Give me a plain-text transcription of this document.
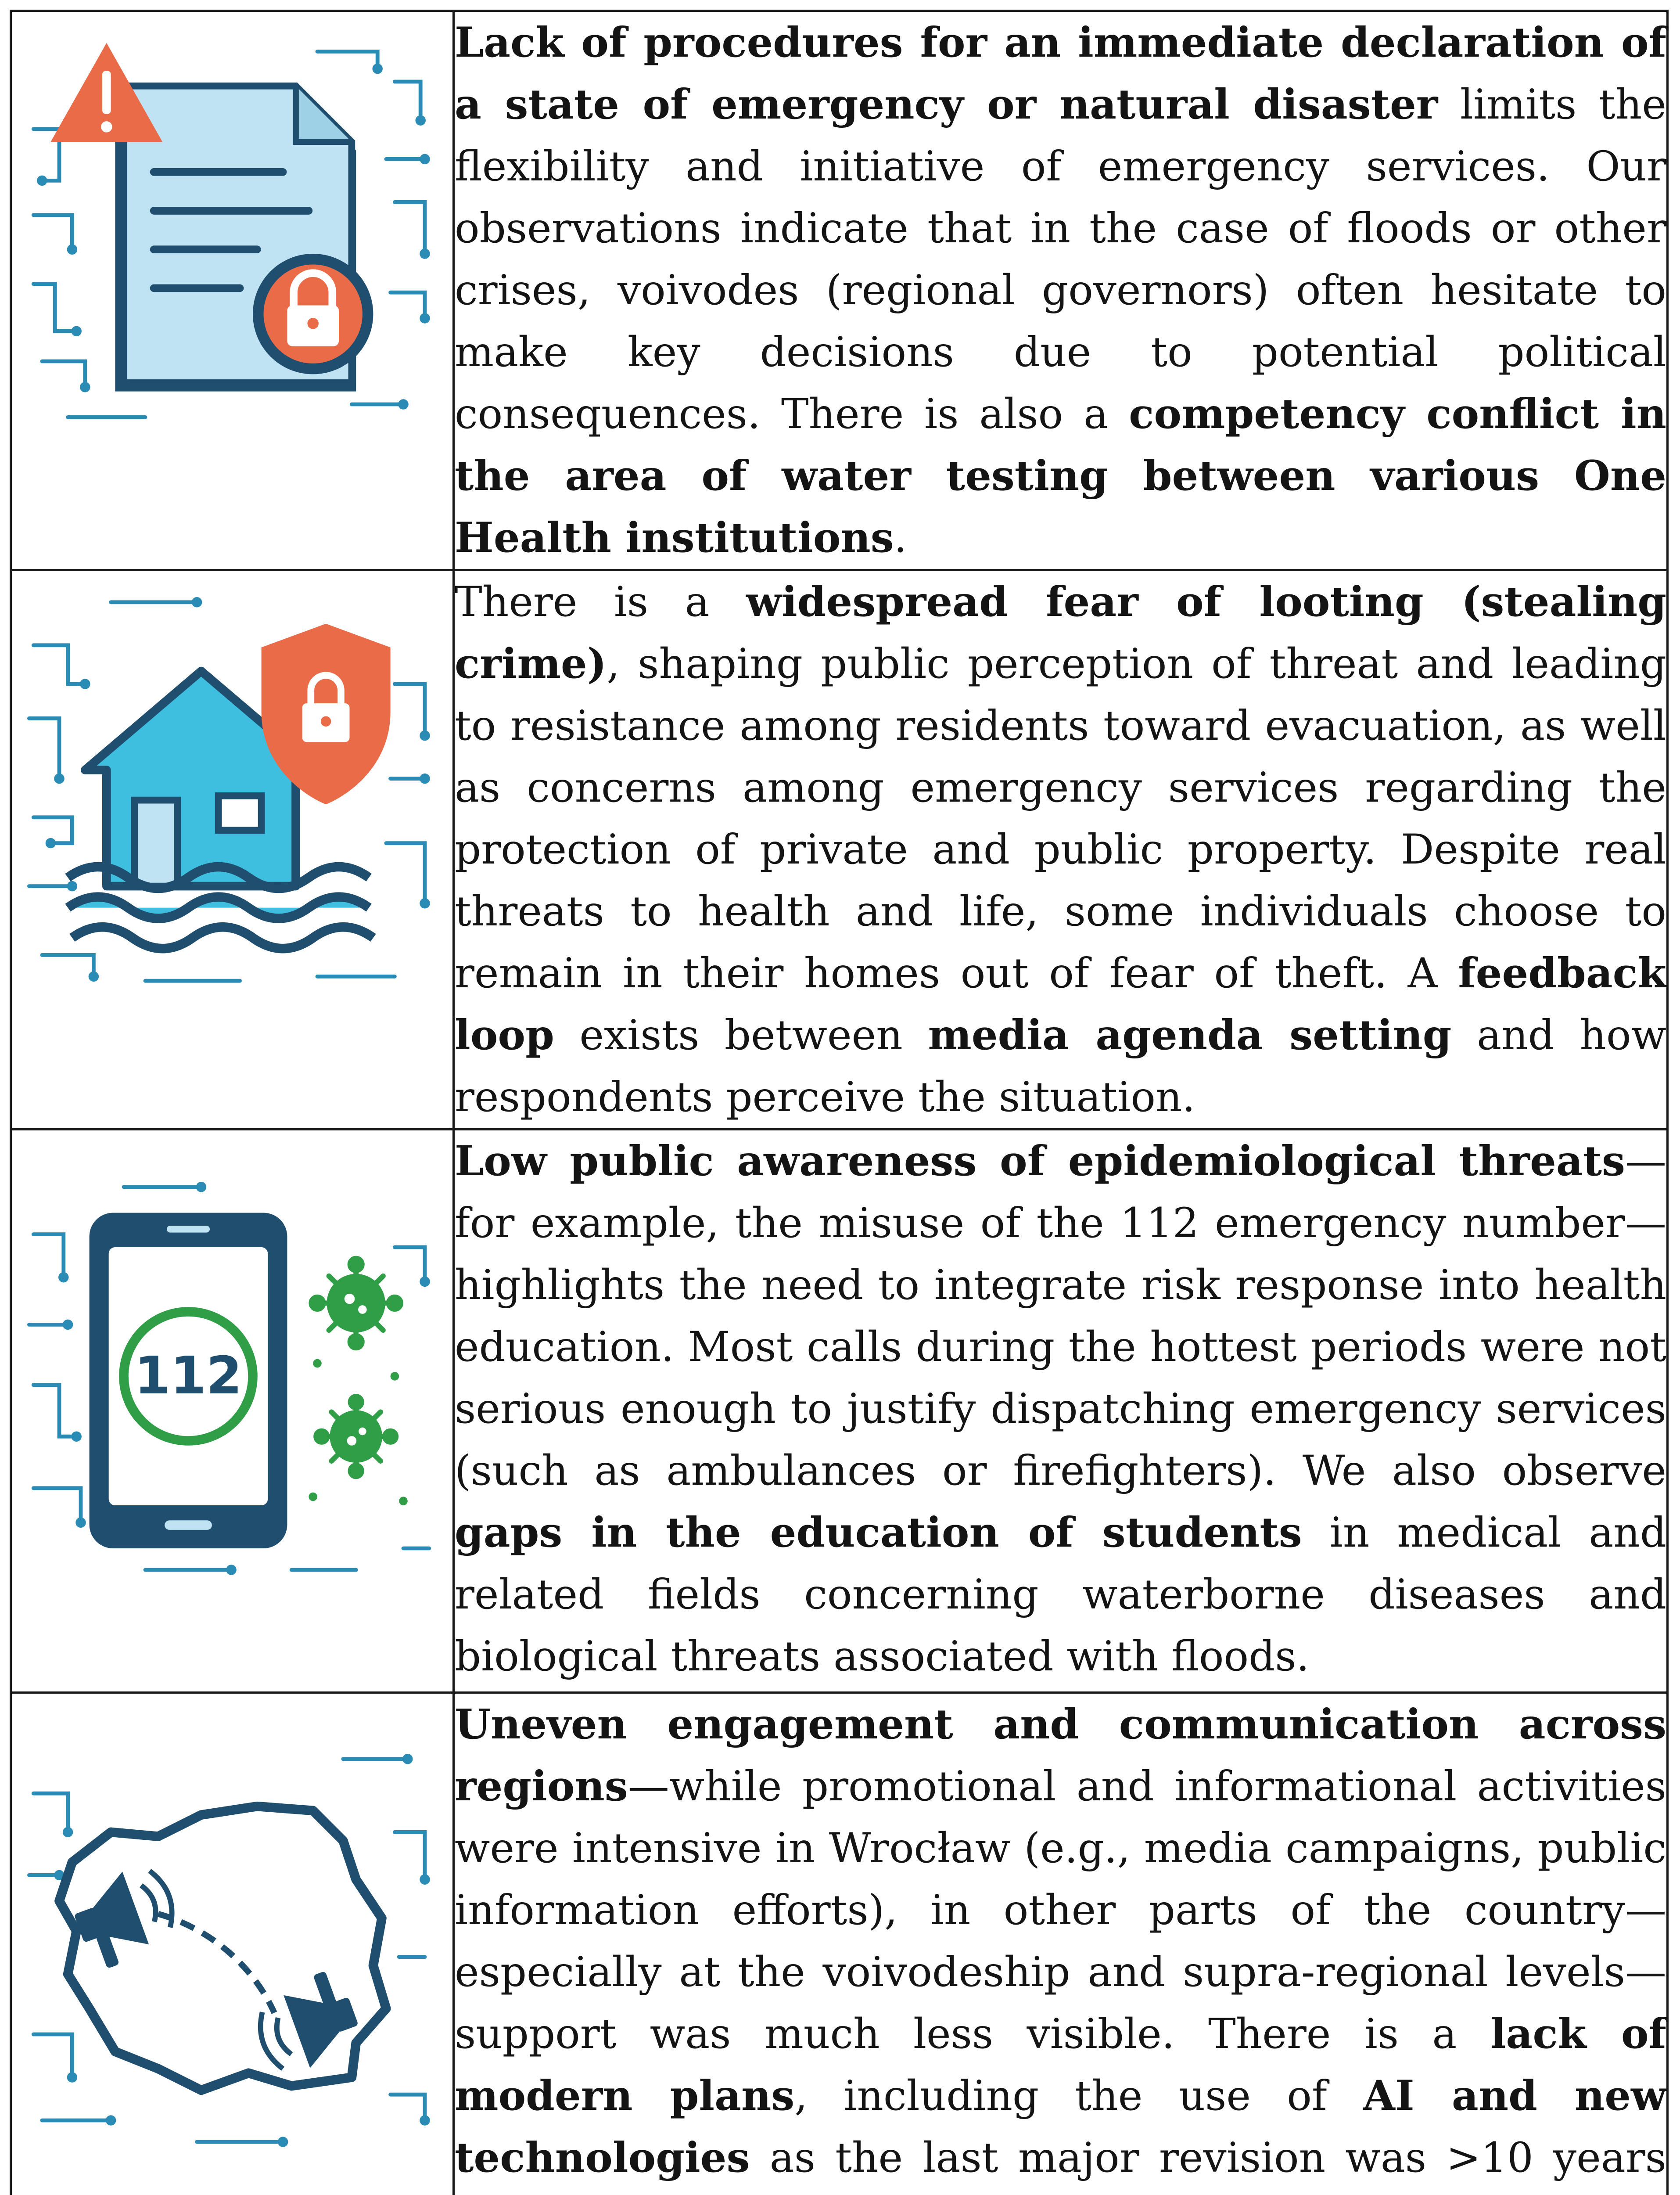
Lack of procedures for an immediate declaration of a state of emergency or natural disaster limits the flexibility and initiative of emergency services. Our observations indicate that in the case of floods or other crises, voivodes (regional governors) often hesitate to make key decisions due to potential political consequences. There is also a competency conflict in the area of water testing between various One Health institutions.

There is a widespread fear of looting (stealing crime), shaping public perception of threat and leading to resistance among residents toward evacuation, as well as concerns among emergency services regarding the protection of private and public property. Despite real threats to health and life, some individuals choose to remain in their homes out of fear of theft. A feedback loop exists between media agenda setting and how respondents perceive the situation.

112	Low public awareness of epidemiological threats—for example, the misuse of the 112 emergency number—highlights the need to integrate risk response into health education. Most calls during the hottest periods were not serious enough to justify dispatching emergency services (such as ambulances or firefighters). We also observe gaps in the education of students in medical and related fields concerning waterborne diseases and biological threats associated with floods.

Uneven engagement and communication across regions—while promotional and informational activities were intensive in Wrocław (e.g., media campaigns, public information efforts), in other parts of the country—especially at the voivodeship and supra-regional levels—support was much less visible. There is a lack of modern plans, including the use of AI and new technologies as the last major revision was >10 years
